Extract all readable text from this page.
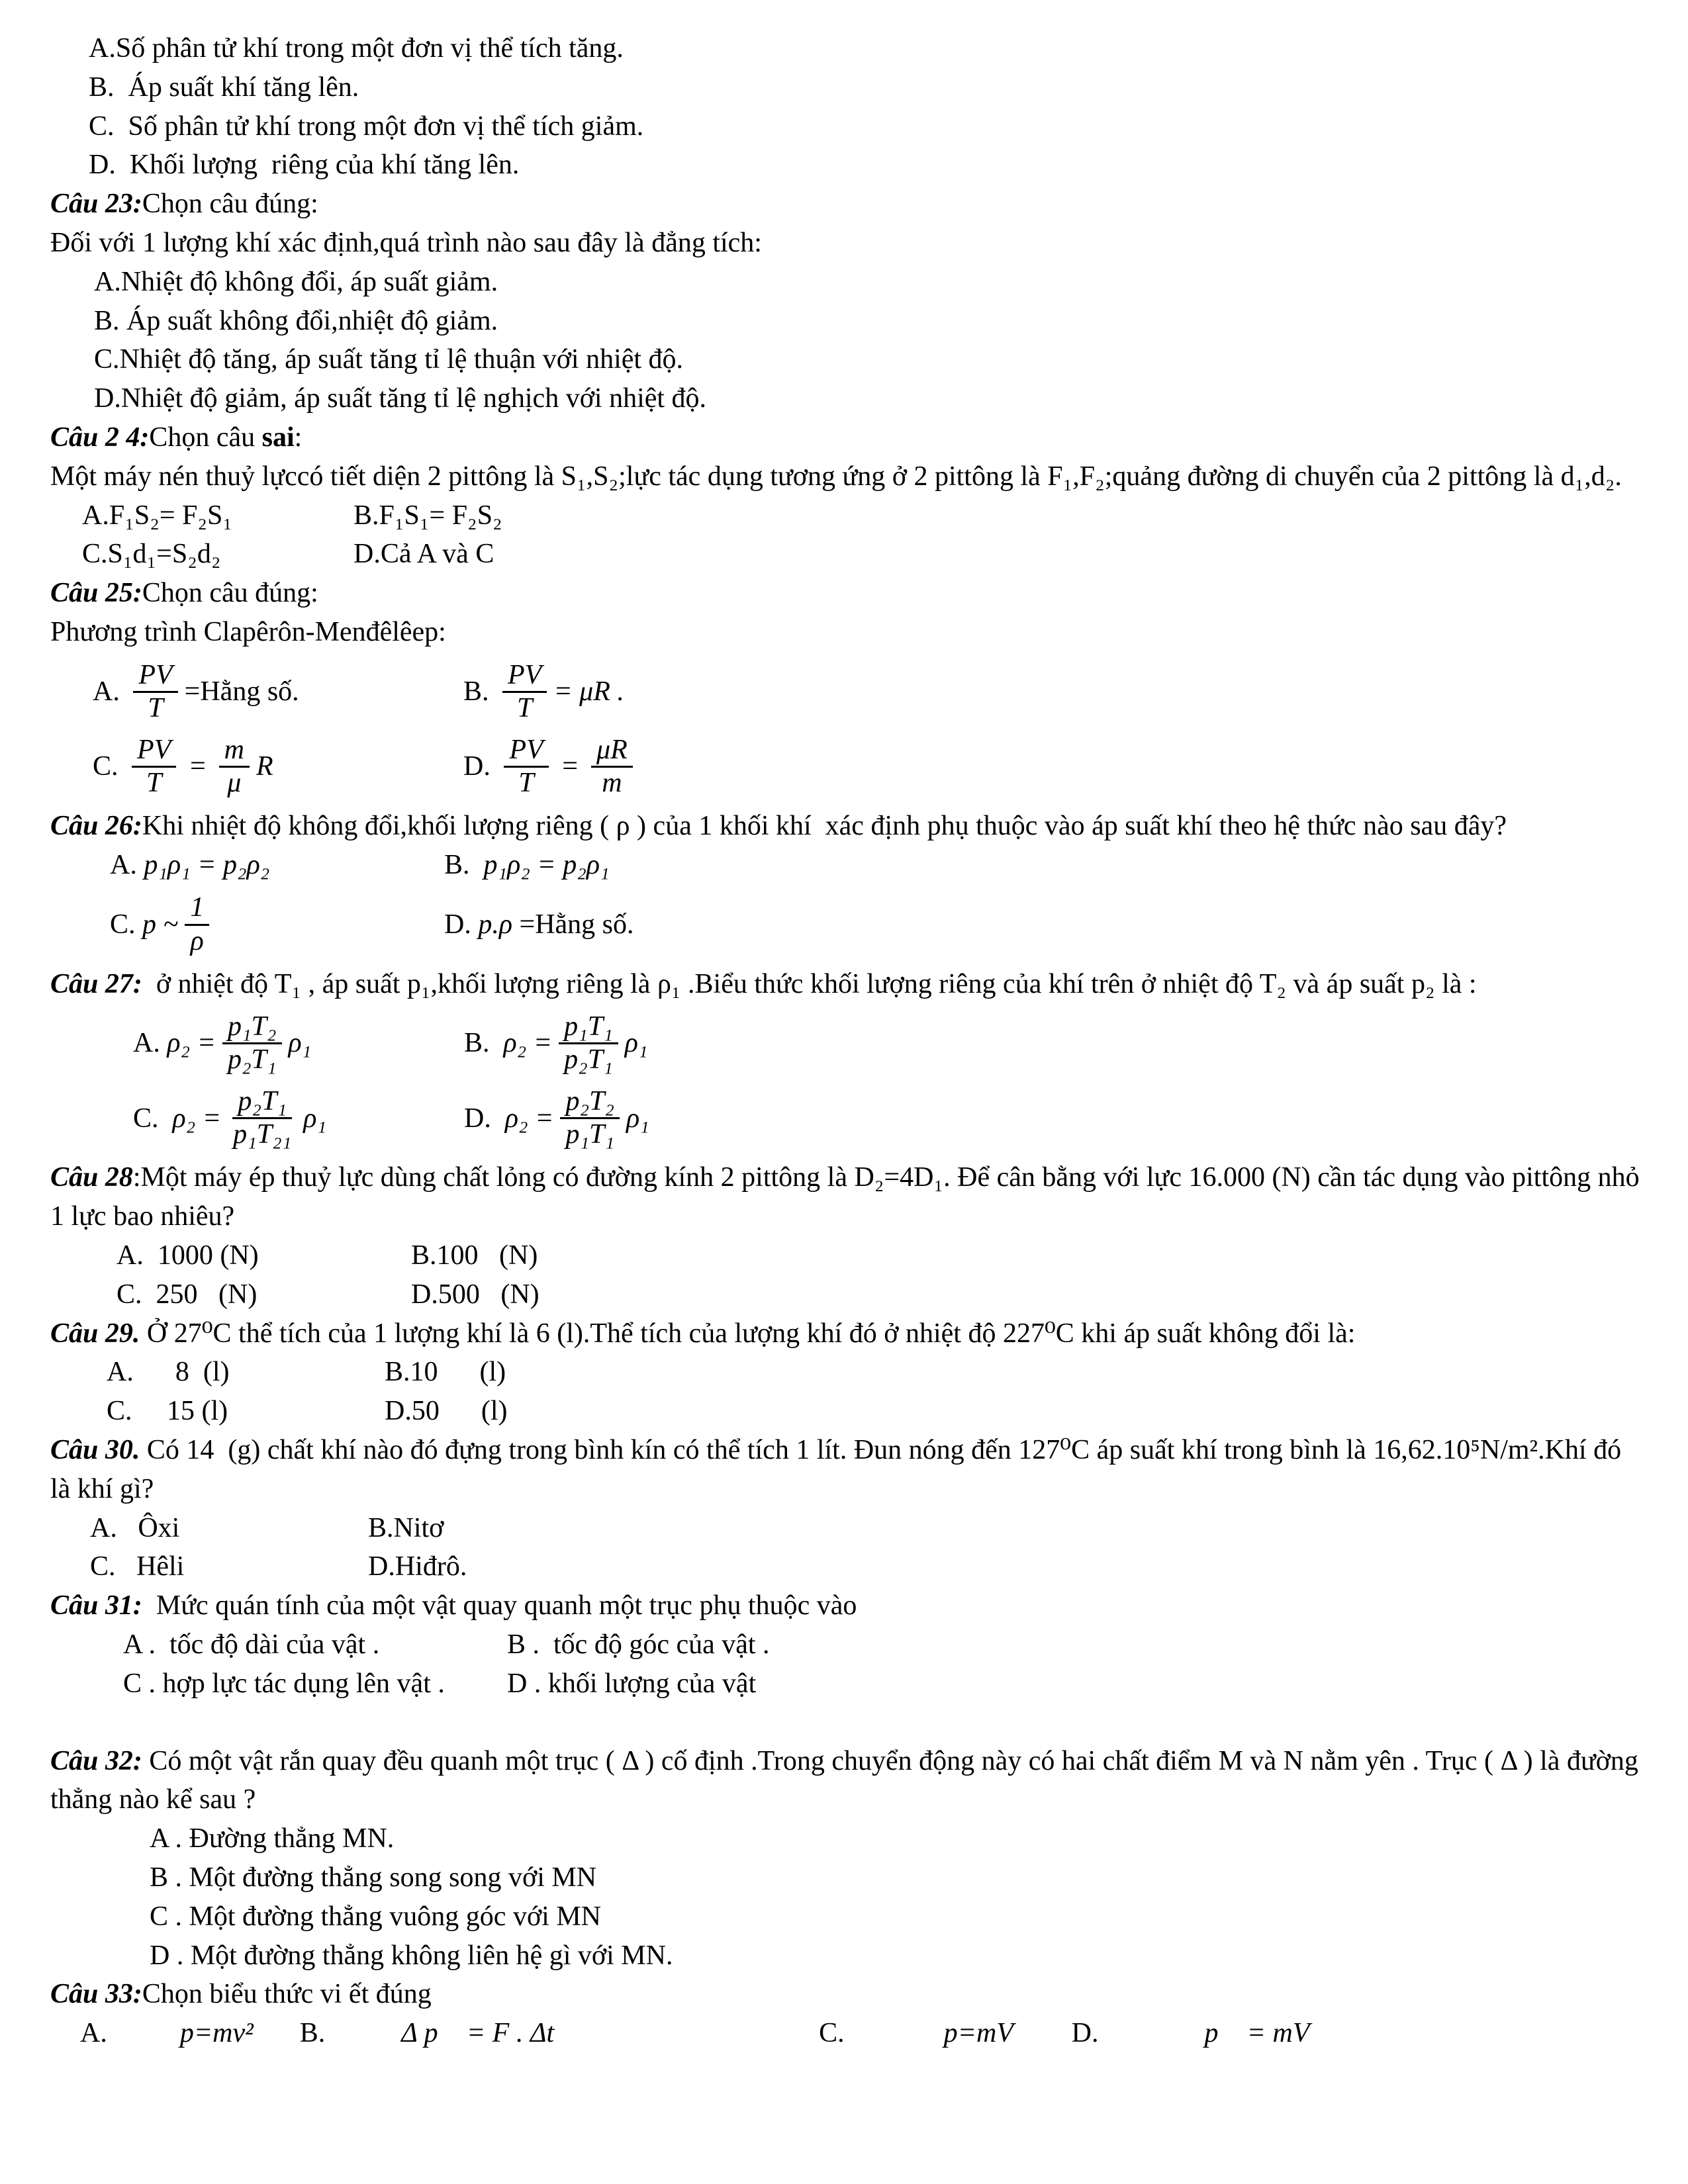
A.Số phân tử khí trong một đơn vị thể tích tăng.
B.  Áp suất khí tăng lên.
C.  Số phân tử khí trong một đơn vị thể tích giảm.
D.  Khối lượng  riêng của khí tăng lên.
Câu 23:Chọn câu đúng:
Đối với 1 lượng khí xác định,quá trình nào sau đây là đẳng tích:
A.Nhiệt độ không đổi, áp suất giảm.
B. Áp suất không đổi,nhiệt độ giảm.
C.Nhiệt độ tăng, áp suất tăng tỉ lệ thuận với nhiệt độ.
D.Nhiệt độ giảm, áp suất tăng tỉ lệ nghịch với nhiệt độ.
Câu 2 4:Chọn câu sai:
Một máy nén thuỷ lựccó tiết diện 2 pittông là S₁,S₂;lực tác dụng tương ứng ở 2 pittông là F₁,F₂;quảng đường di chuyển của 2 pittông là d₁,d₂.
A.F₁S₂= F₂S₁	B.F₁S₁= F₂S₂
C.S₁d₁=S₂d₂	D.Cả A và C
Câu 25:Chọn câu đúng:
Phương trình Clapêrôn-Menđêlêep:
A. $\frac{PV}{T}$ =Hằng số.	B. $\frac{PV}{T} = \mu R$ .
C. $\frac{PV}{T} = \frac{m}{\mu}$ R	D. $\frac{PV}{T} = \frac{\mu R}{m}$
Câu 26:Khi nhiệt độ không đổi,khối lượng riêng ( ρ ) của 1 khối khí  xác định phụ thuộc vào áp suất khí theo hệ thức nào sau đây?
A. p₁ρ₁ = p₂ρ₂	B. p₁ρ₂ = p₂ρ₁
C. p ~ $\frac{1}{\rho}$	D. p.ρ =Hằng số.
Câu 27:  ở nhiệt độ T₁ , áp suất p₁,khối lượng riêng là ρ₁ .Biểu thức khối lượng riêng của khí trên ở nhiệt độ T₂ và áp suất p₂ là :
A. $\rho_2 = \frac{\text{p₁T₂}}{\text{p₂T₁}} \rho_1$	B. $\rho_2 = \frac{\text{p₁T₁}}{\text{p₂T₁}} \rho_1$
C. $\rho_2 = \frac{\text{p₂T₁}}{\text{p₁T₂₁}} \rho_1$	D. $\rho_2 = \frac{\text{p₂T₂}}{\text{p₁T₁}} \rho_1$
Câu 28:Một máy ép thuỷ lực dùng chất lỏng có đường kính 2 pittông là D₂=4D₁. Để cân bằng với lực 16.000 (N) cần tác dụng vào pittông nhỏ 1 lực bao nhiêu?
A.  1000 (N)	B.100   (N)
C.  250   (N)	D.500   (N)
Câu 29. Ở 27⁰C thể tích của 1 lượng khí là 6 (l).Thể tích của lượng khí đó ở nhiệt độ 227⁰C khi áp suất không đổi là:
A.      8  (l)	B.10      (l)
C.     15 (l)	D.50      (l)
Câu 30. Có 14  (g) chất khí nào đó đựng trong bình kín có thể tích 1 lít. Đun nóng đến 127⁰C áp suất khí trong bình là 16,62.10⁵N/m².Khí đó là khí gì?
A.   Ôxi	B.Nitơ
C.   Hêli	D.Hiđrô.
Câu 31:  Mức quán tính của một vật quay quanh một trục phụ thuộc vào
A .  tốc độ dài của vật .	B .  tốc độ góc của vật .
C . hợp lực tác dụng lên vật .	D . khối lượng của vật
Câu 32: Có một vật rắn quay đều quanh một trục ( Δ ) cố định .Trong chuyển động này có hai chất điểm M và N nằm yên . Trục ( Δ ) là đường thẳng nào kể sau ?
A . Đường thẳng MN.
B . Một đường thẳng song song với MN
C . Một đường thẳng vuông góc với MN
D . Một đường thẳng không liên hệ gì với MN.
Câu 33:Chọn biểu thức vi ết đúng
A.	p=mv² B.	Δ p⃗ = F . Δt	C.	p=mV⃗ D.	p⃗ = mV⃗
